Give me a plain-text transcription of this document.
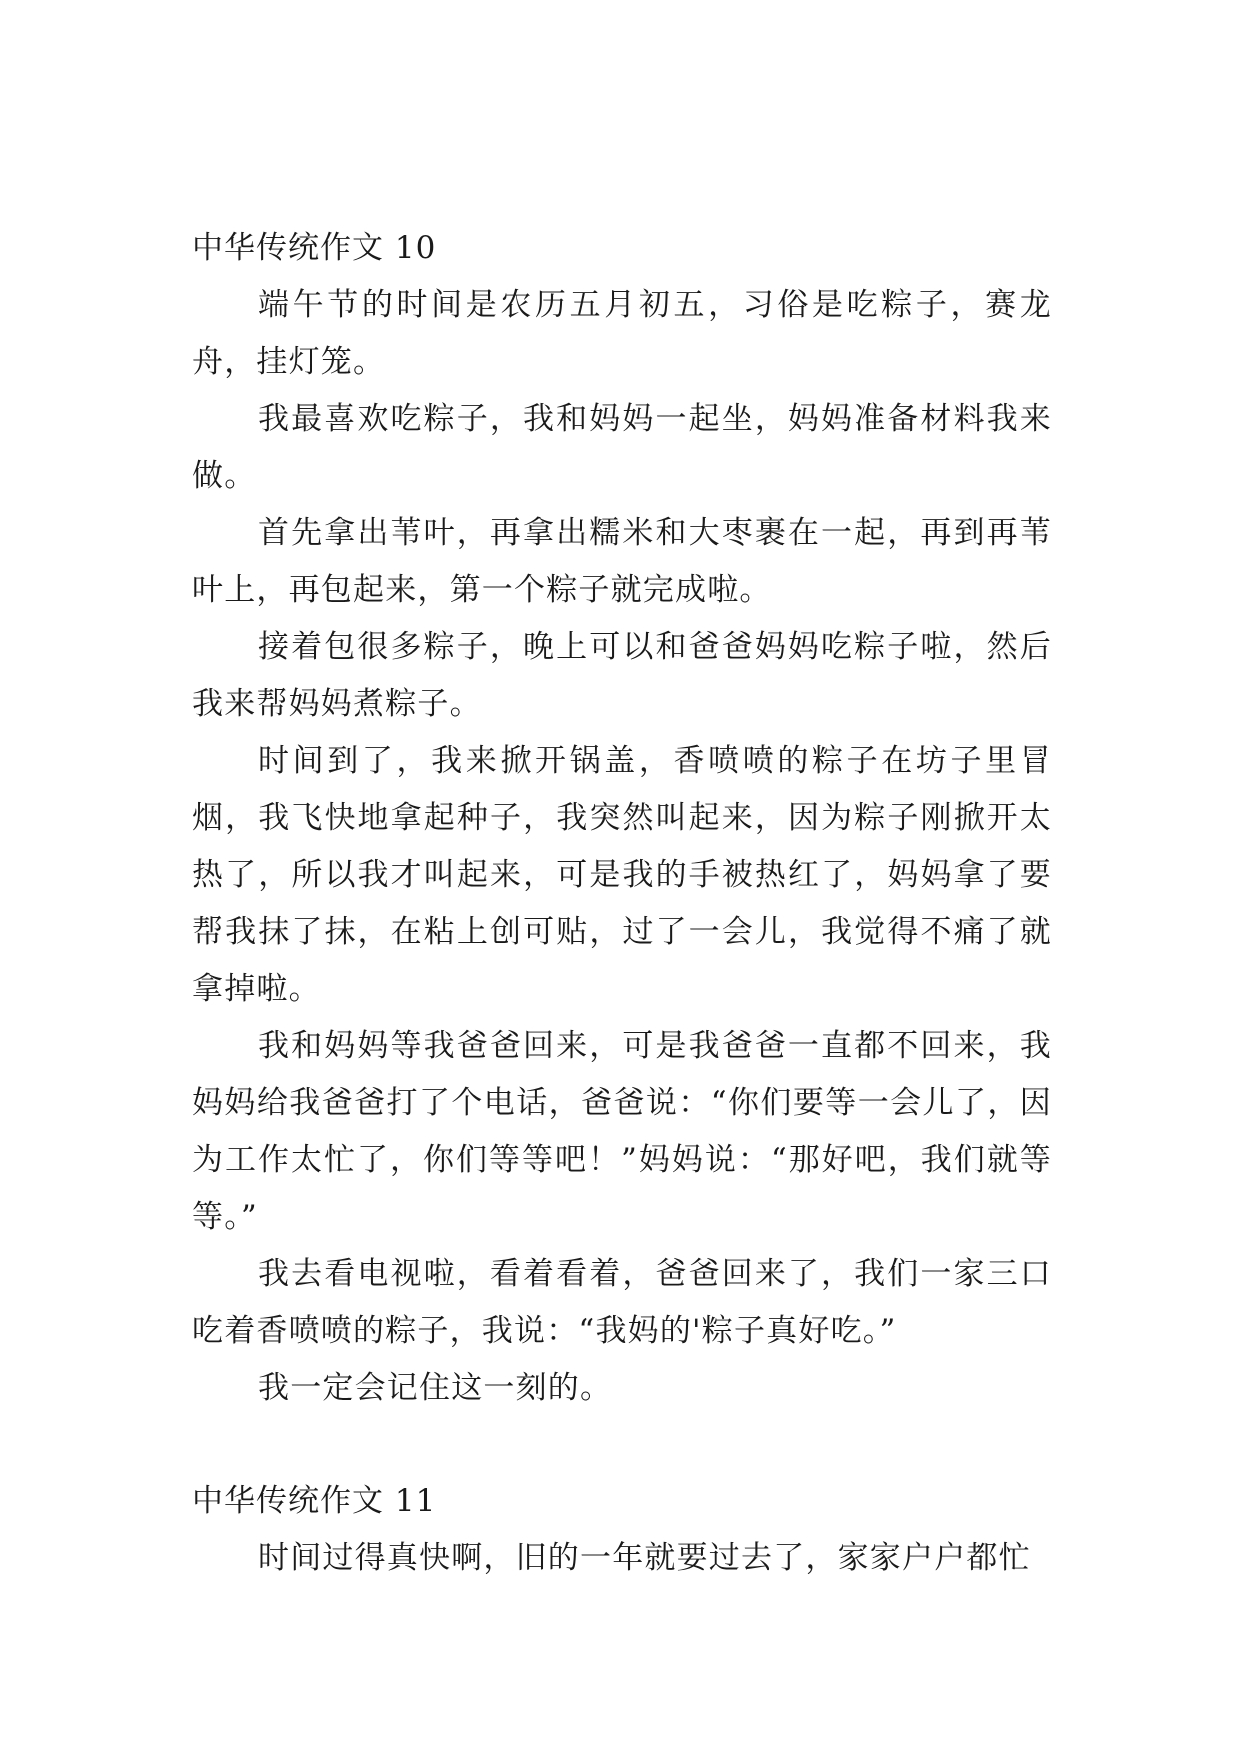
中华传统作文 10

端午节的时间是农历五月初五，习俗是吃粽子，赛龙舟，挂灯笼。

我最喜欢吃粽子，我和妈妈一起坐，妈妈准备材料我来做。

首先拿出苇叶，再拿出糯米和大枣裹在一起，再到再苇叶上，再包起来，第一个粽子就完成啦。

接着包很多粽子，晚上可以和爸爸妈妈吃粽子啦，然后我来帮妈妈煮粽子。

时间到了，我来掀开锅盖，香喷喷的粽子在坊子里冒烟，我飞快地拿起种子，我突然叫起来，因为粽子刚掀开太热了，所以我才叫起来，可是我的手被热红了，妈妈拿了要帮我抹了抹，在粘上创可贴，过了一会儿，我觉得不痛了就拿掉啦。

我和妈妈等我爸爸回来，可是我爸爸一直都不回来，我妈妈给我爸爸打了个电话，爸爸说：“你们要等一会儿了，因为工作太忙了，你们等等吧！”妈妈说：“那好吧，我们就等等。”

我去看电视啦，看着看着，爸爸回来了，我们一家三口吃着香喷喷的粽子，我说：“我妈的'粽子真好吃。”

我一定会记住这一刻的。

中华传统作文 11

时间过得真快啊，旧的一年就要过去了，家家户户都忙
